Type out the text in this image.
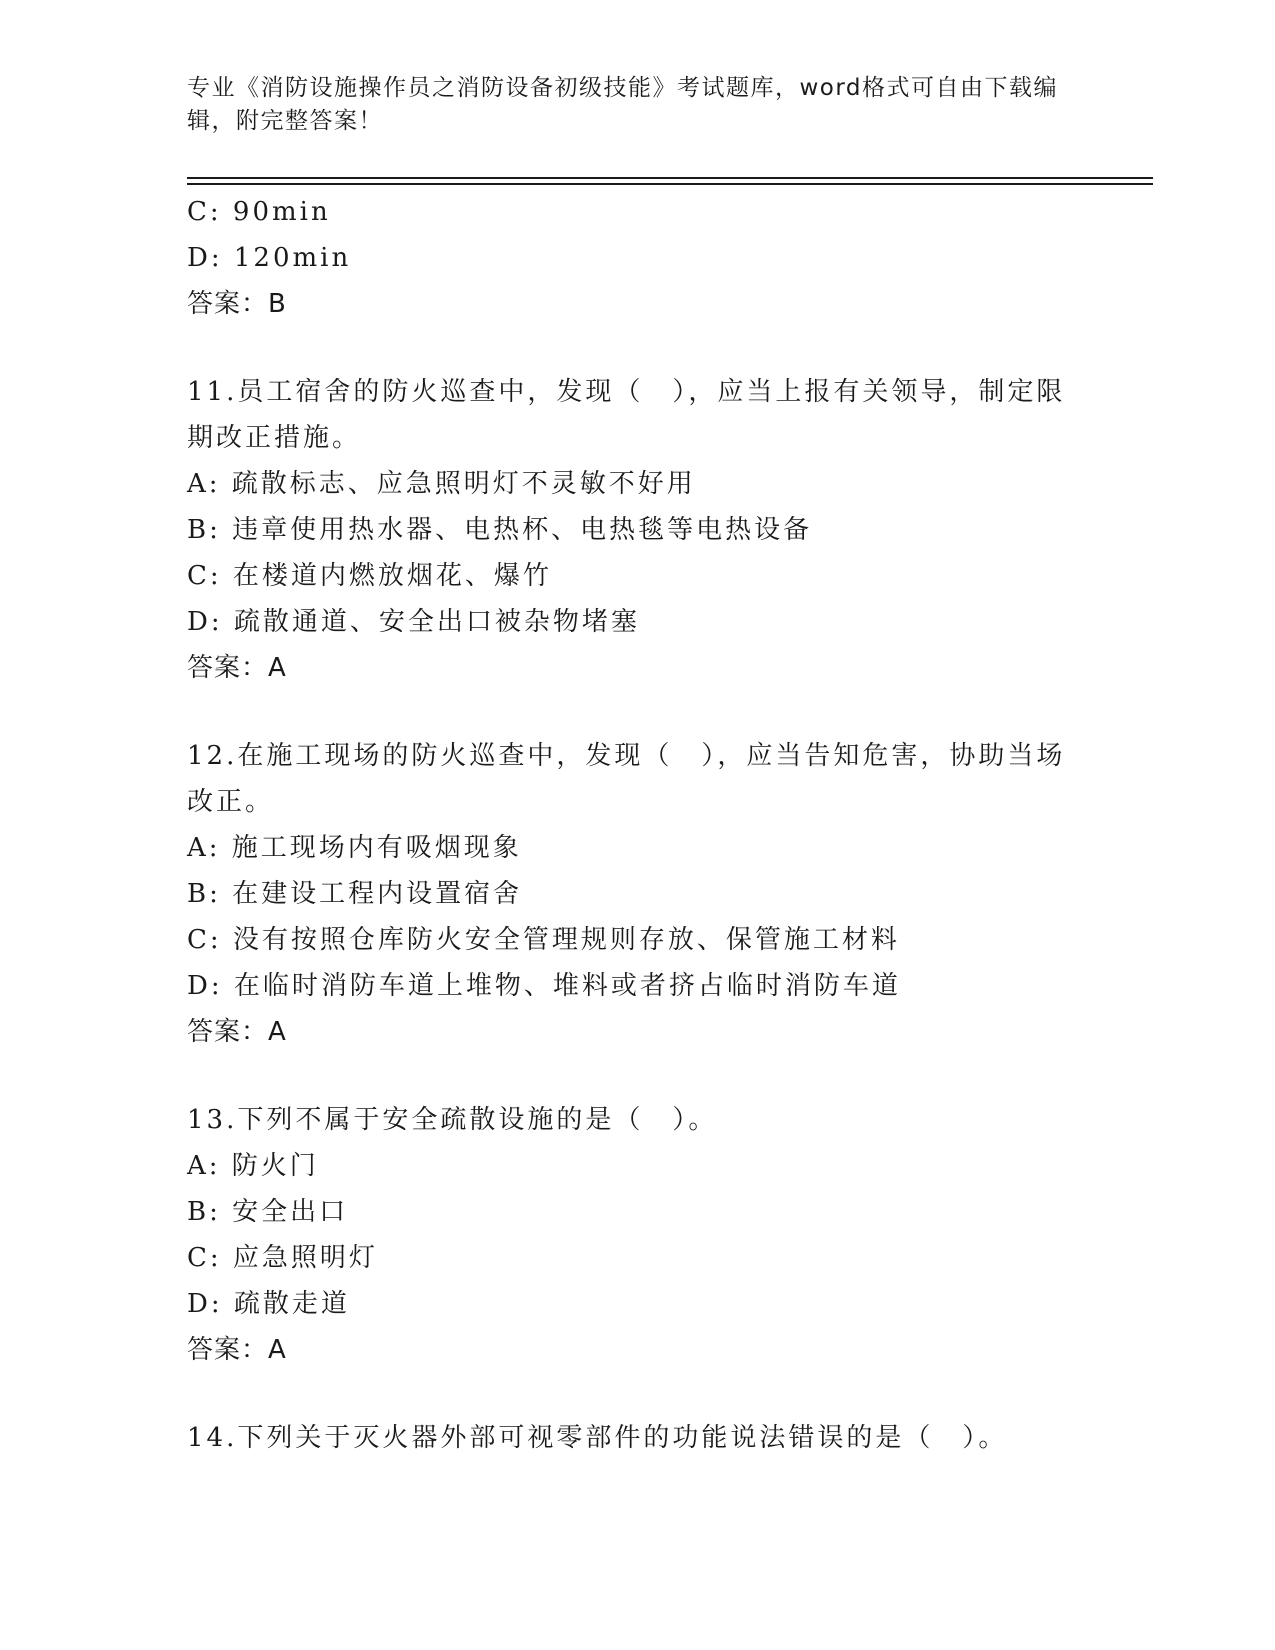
专业《消防设施操作员之消防设备初级技能》考试题库，word格式可自由下载编
辑，附完整答案！
C: 90min
D: 120min
答案：B
11.员工宿舍的防火巡查中，发现（　），应当上报有关领导，制定限
期改正措施。
A: 疏散标志、应急照明灯不灵敏不好用
B: 违章使用热水器、电热杯、电热毯等电热设备
C: 在楼道内燃放烟花、爆竹
D: 疏散通道、安全出口被杂物堵塞
答案：A
12.在施工现场的防火巡查中，发现（　），应当告知危害，协助当场
改正。
A: 施工现场内有吸烟现象
B: 在建设工程内设置宿舍
C: 没有按照仓库防火安全管理规则存放、保管施工材料
D: 在临时消防车道上堆物、堆料或者挤占临时消防车道
答案：A
13.下列不属于安全疏散设施的是（　）。
A: 防火门
B: 安全出口
C: 应急照明灯
D: 疏散走道
答案：A
14.下列关于灭火器外部可视零部件的功能说法错误的是（　）。
